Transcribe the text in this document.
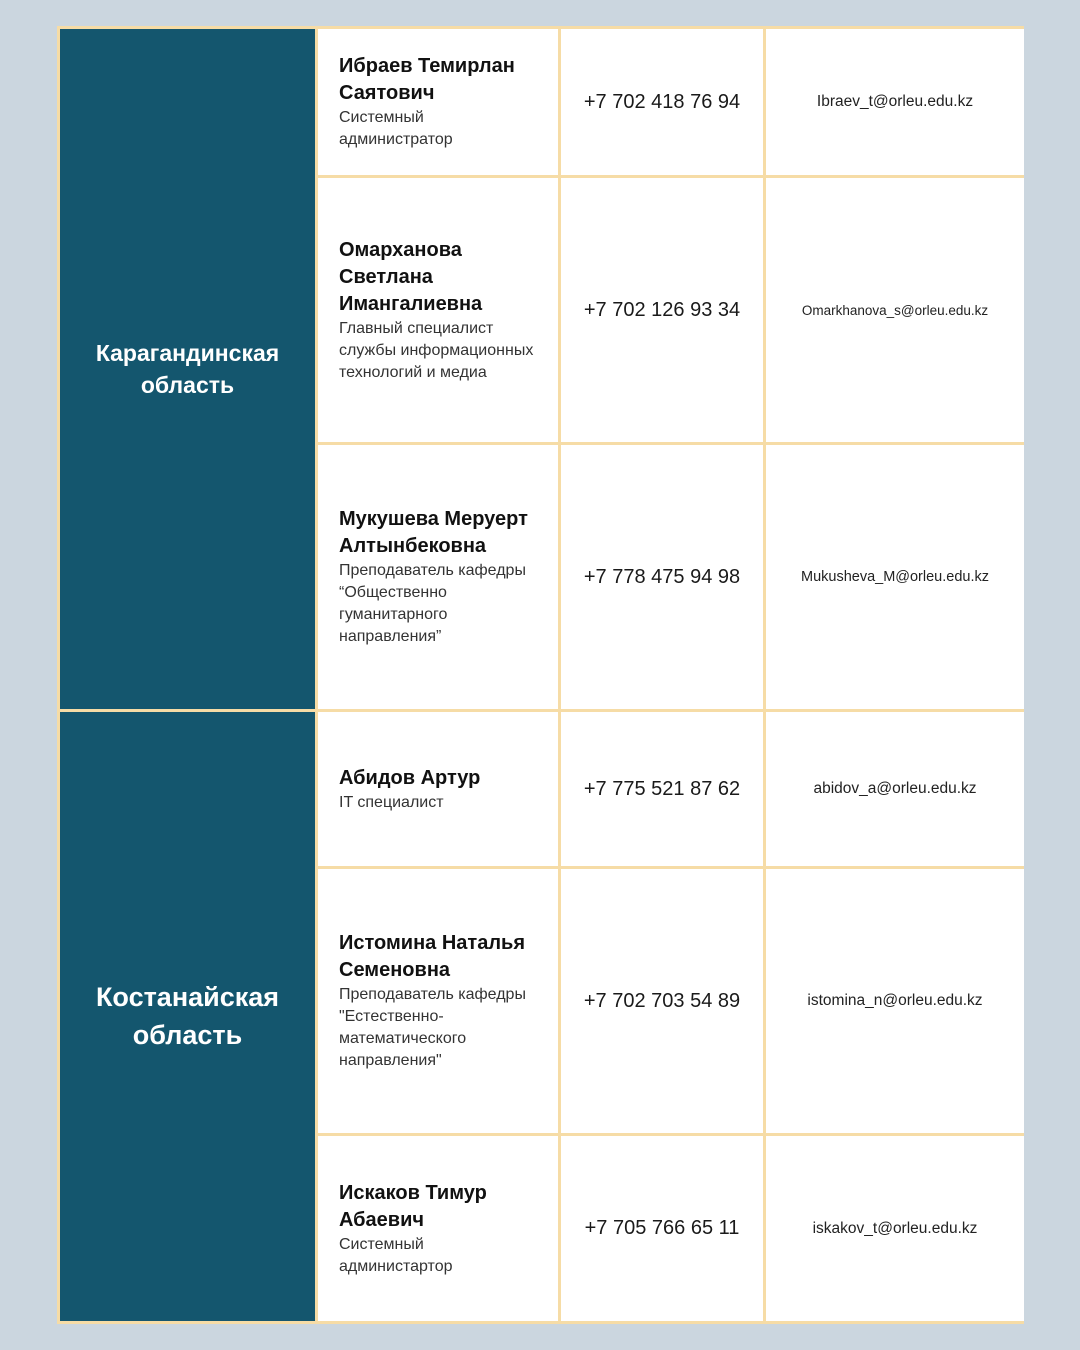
Карагандинская область	Ибраев Темирлан Саятович
Системный администратор	+7 702 418 76 94	Ibraev_t@orleu.edu.kz

	Омарханова Светлана Имангалиевна
Главный специалист службы информационных технологий и медиа	+7 702 126 93 34	Omarkhanova_s@orleu.edu.kz

	Мукушева Меруерт Алтынбековна
Преподаватель кафедры “Общественно гуманитарного направления”	+7 778 475 94 98	Mukusheva_M@orleu.edu.kz

Костанайская область	Абидов Артур
IT специалист	+7 775 521 87 62	abidov_a@orleu.edu.kz

	Истомина Наталья Семеновна
Преподаватель кафедры "Естественно-математического направления"	+7 702 703 54 89	istomina_n@orleu.edu.kz

	Искаков Тимур Абаевич
Системный администартор	+7 705 766 65 11	iskakov_t@orleu.edu.kz
